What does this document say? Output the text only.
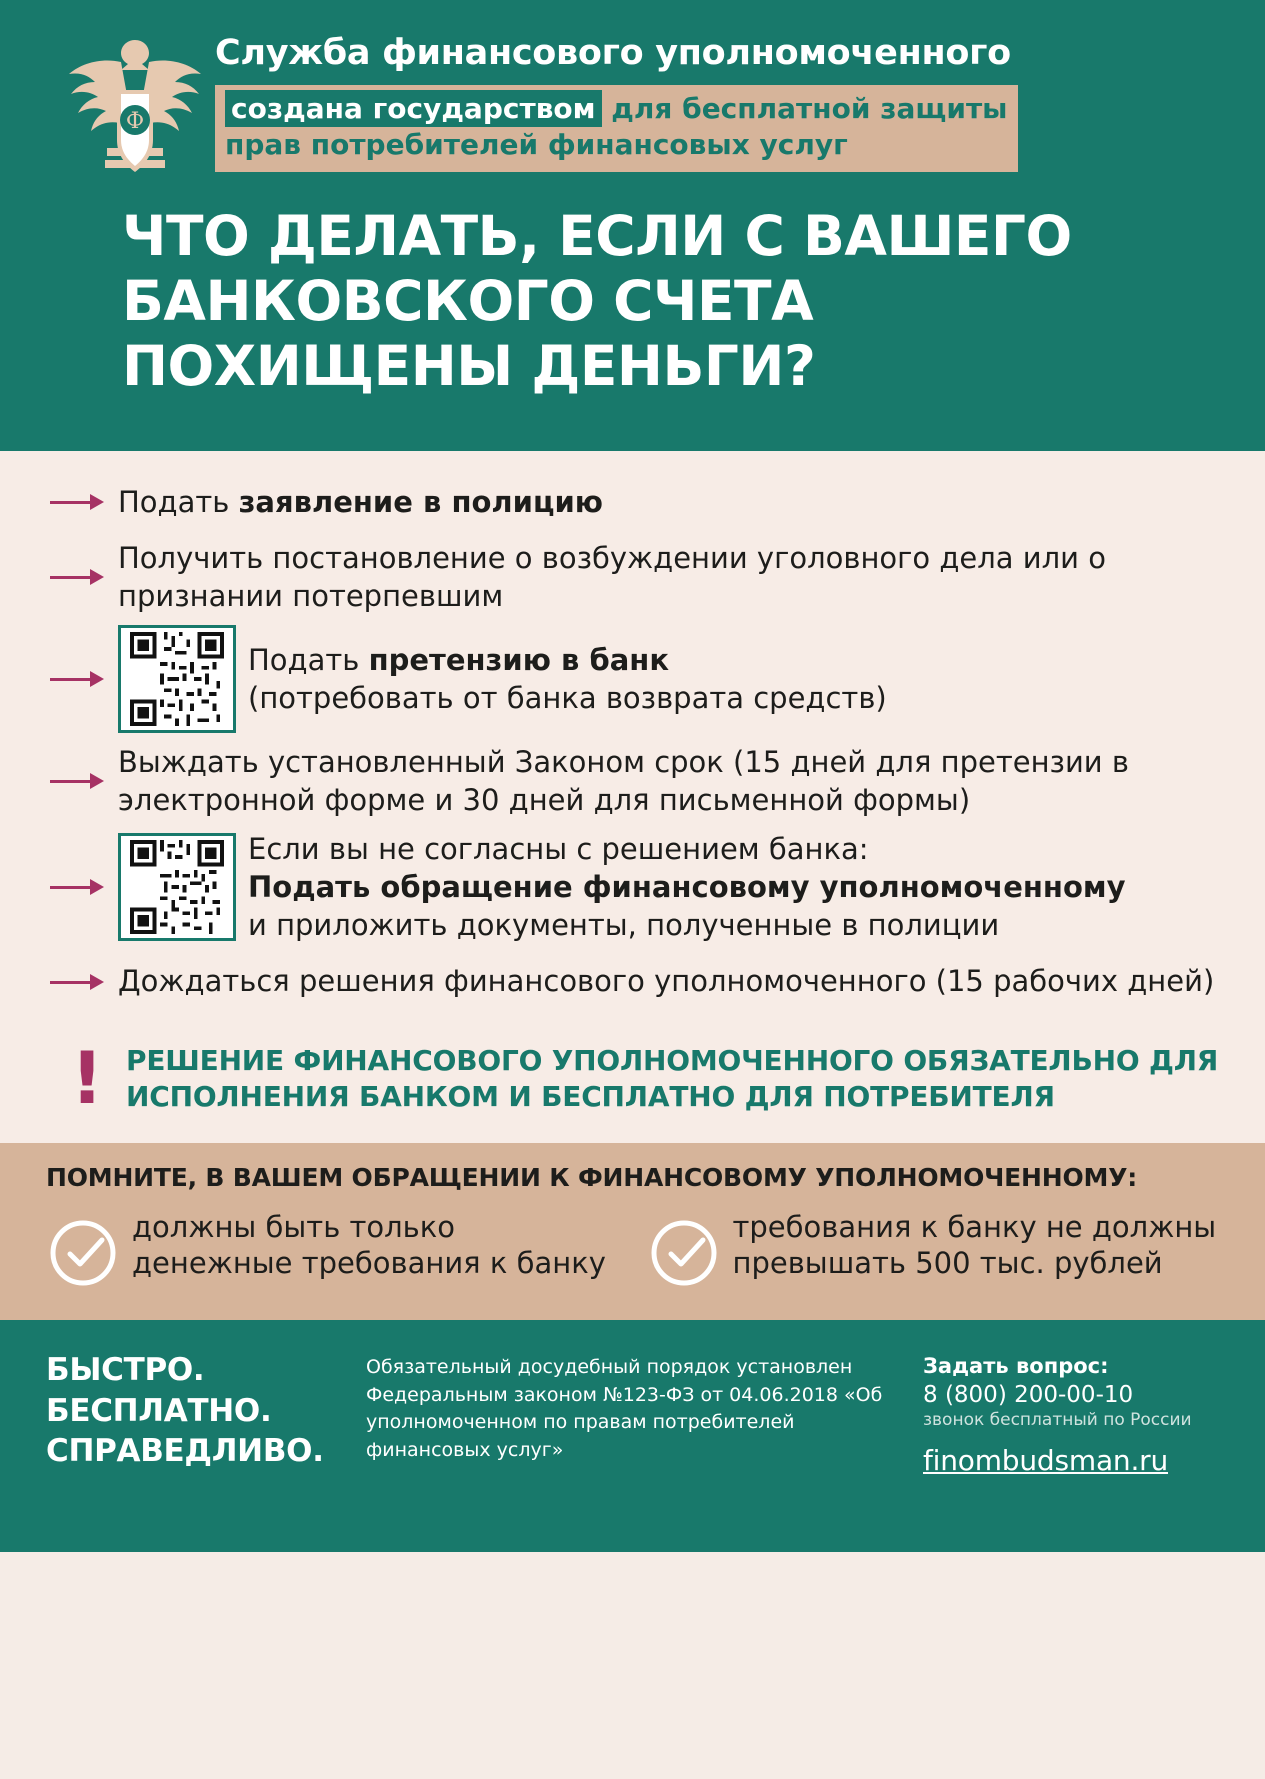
Ф
Служба финансового уполномоченного
создана государством для бесплатной защиты
прав потребителей финансовых услуг
ЧТО ДЕЛАТЬ, ЕСЛИ С ВАШЕГО БАНКОВСКОГО СЧЕТА ПОХИЩЕНЫ ДЕНЬГИ?
Подать заявление в полицию
Получить постановление о возбуждении уголовного дела или о признании потерпевшим
Подать претензию в банк
(потребовать от банка возврата средств)
Выждать установленный Законом срок (15 дней для претензии в электронной форме и 30 дней для письменной формы)
Если вы не согласны с решением банка:
Подать обращение финансовому уполномоченному
и приложить документы, полученные в полиции
Дождаться решения финансового уполномоченного (15 рабочих дней)
! РЕШЕНИЕ ФИНАНСОВОГО УПОЛНОМОЧЕННОГО ОБЯЗАТЕЛЬНО ДЛЯ ИСПОЛНЕНИЯ БАНКОМ И БЕСПЛАТНО ДЛЯ ПОТРЕБИТЕЛЯ
ПОМНИТЕ, В ВАШЕМ ОБРАЩЕНИИ К ФИНАНСОВОМУ УПОЛНОМОЧЕННОМУ:
должны быть только денежные требования к банку
требования к банку не должны превышать 500 тыс. рублей
БЫСТРО. БЕСПЛАТНО. СПРАВЕДЛИВО.
Обязательный досудебный порядок установлен Федеральным законом №123-ФЗ от 04.06.2018 «Об уполномоченном по правам потребителей финансовых услуг»
Задать вопрос:
8 (800) 200-00-10
звонок бесплатный по России
finombudsman.ru
